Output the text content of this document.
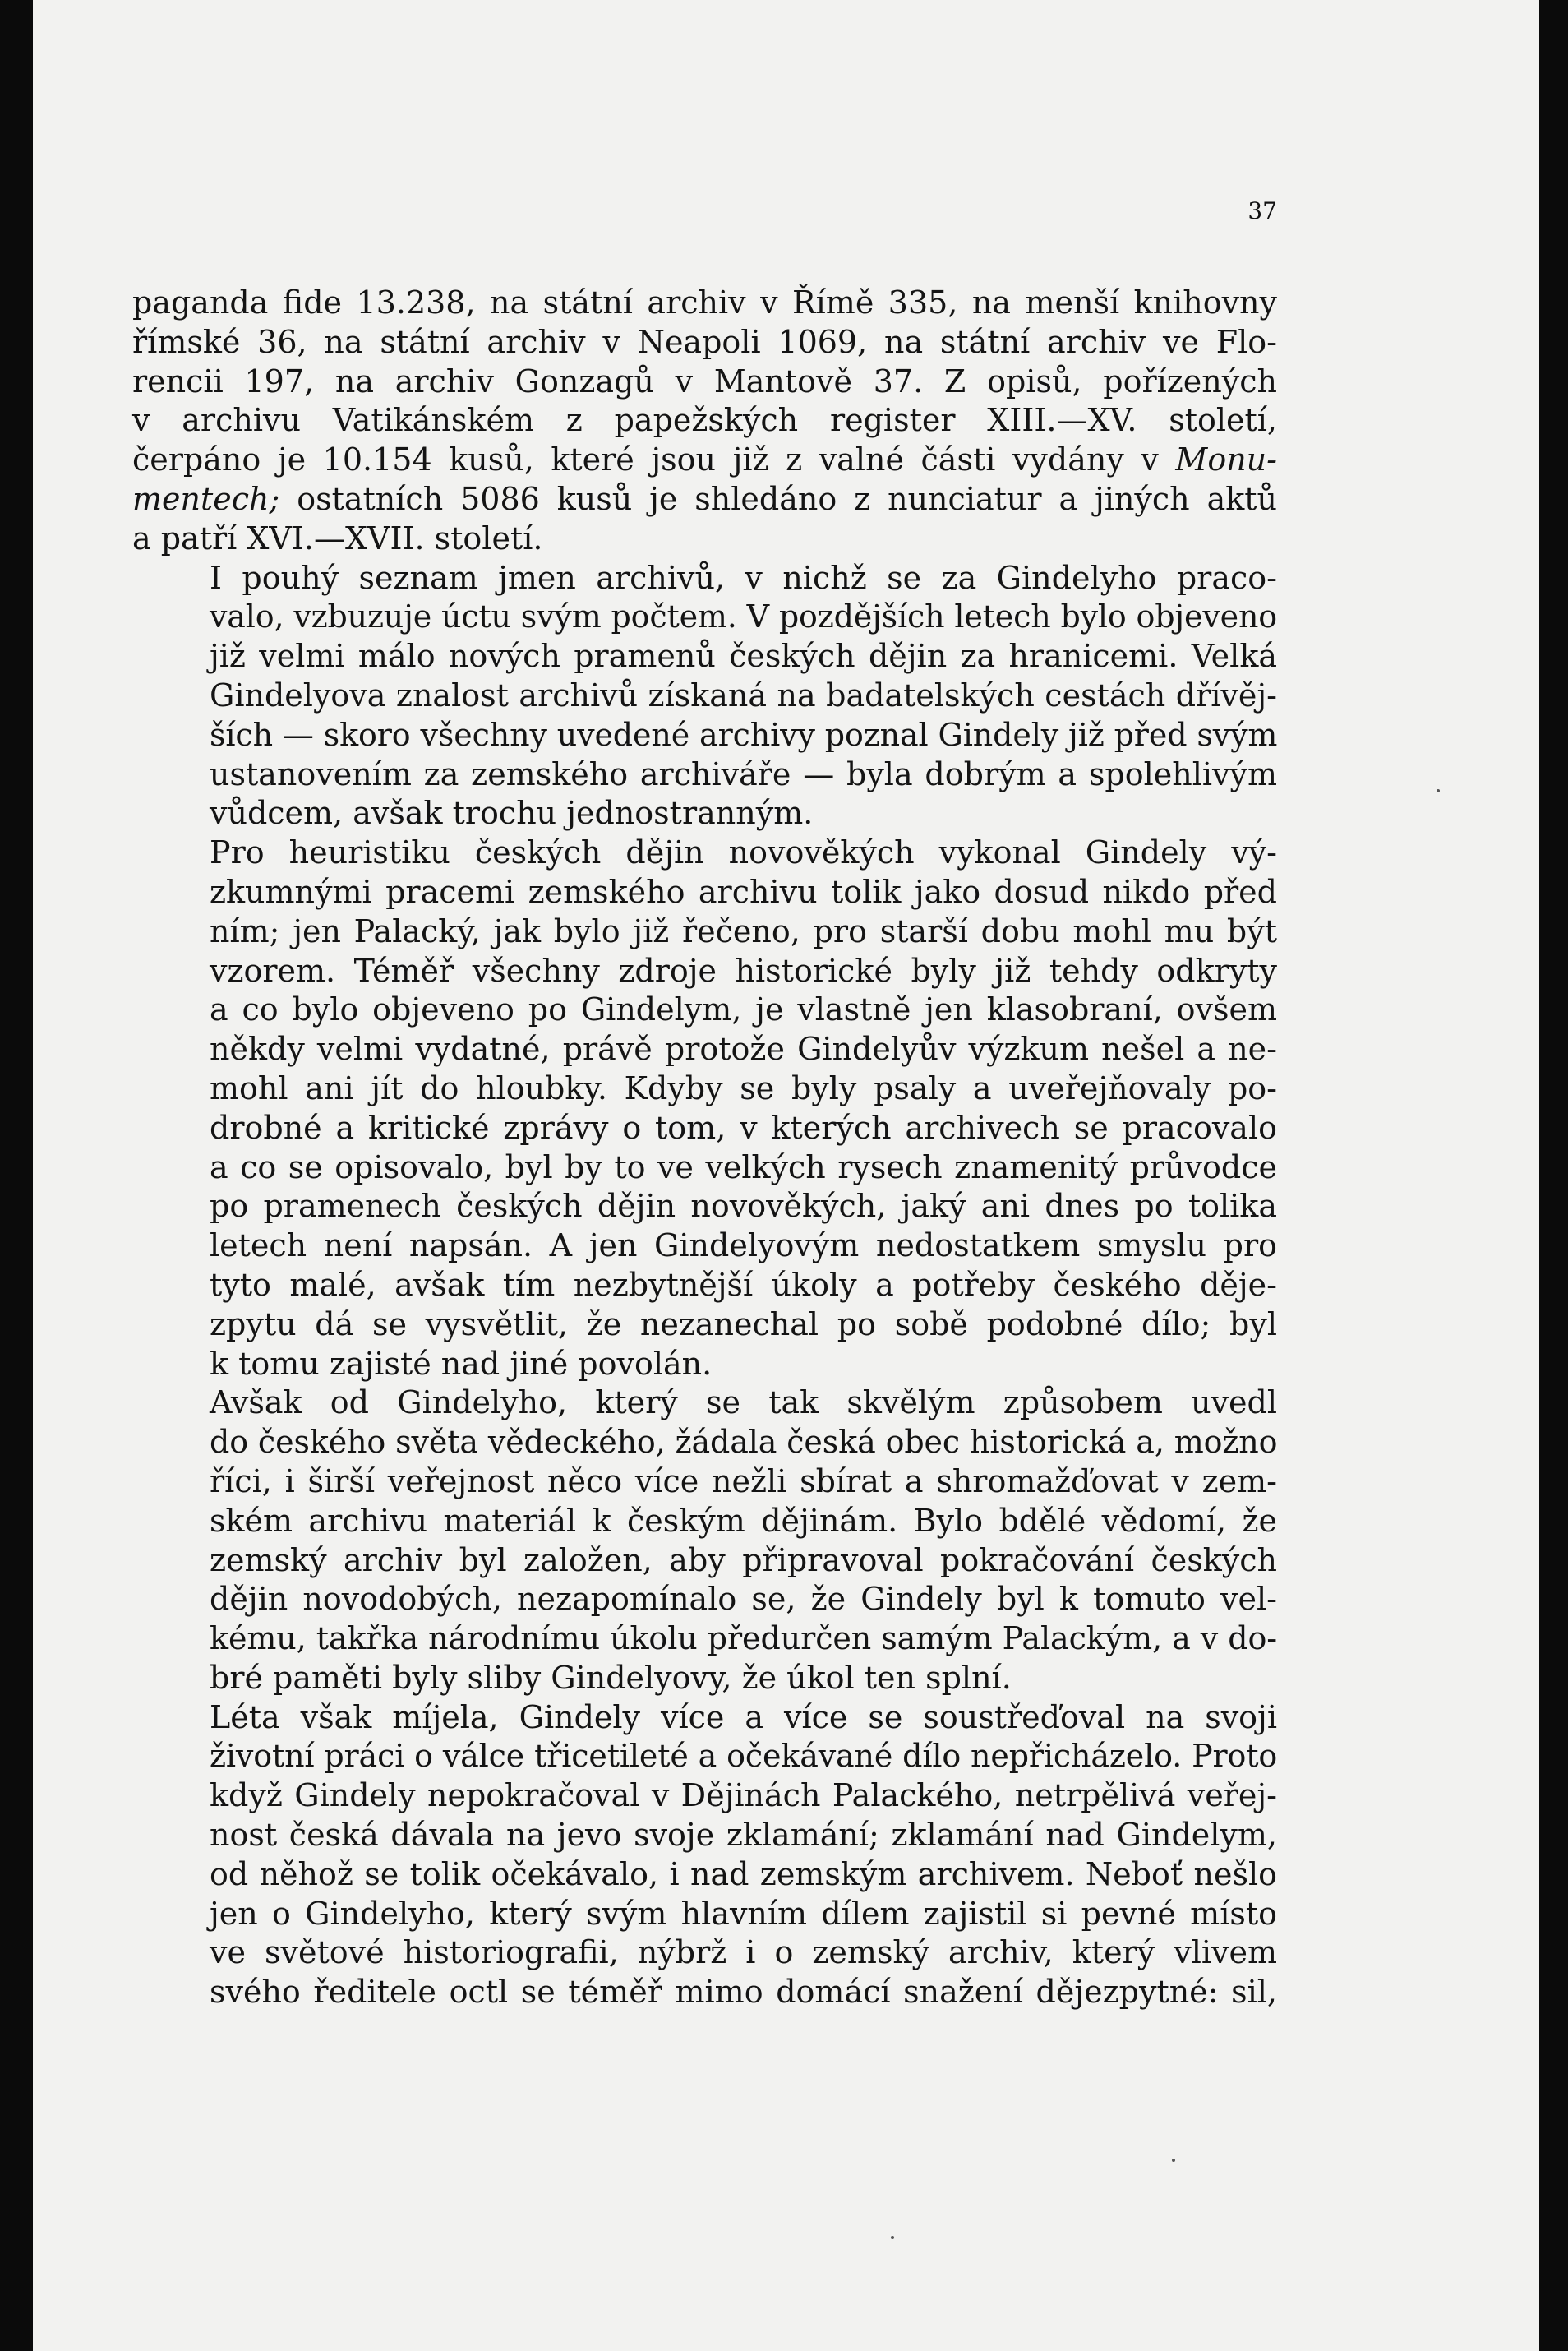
37

paganda fide 13.238, na státní archiv v Římě 335, na menší knihovny
římské 36, na státní archiv v Neapoli 1069, na státní archiv ve Flo-
rencii 197, na archiv Gonzagů v Mantově 37. Z opisů, pořízených
v archivu Vatikánském z papežských register XIII.—XV. století,
čerpáno je 10.154 kusů, které jsou již z valné části vydány v Monu-
mentech; ostatních 5086 kusů je shledáno z nunciatur a jiných aktů
a patří XVI.—XVII. století.

I pouhý seznam jmen archivů, v nichž se za Gindelyho praco-
valo, vzbuzuje úctu svým počtem. V pozdějších letech bylo objeveno
již velmi málo nových pramenů českých dějin za hranicemi. Velká
Gindelyova znalost archivů získaná na badatelských cestách dřívěj-
ších — skoro všechny uvedené archivy poznal Gindely již před svým
ustanovením za zemského archiváře — byla dobrým a spolehlivým
vůdcem, avšak trochu jednostranným.

Pro heuristiku českých dějin novověkých vykonal Gindely vý-
zkumnými pracemi zemského archivu tolik jako dosud nikdo před
ním; jen Palacký, jak bylo již řečeno, pro starší dobu mohl mu být
vzorem. Téměř všechny zdroje historické byly již tehdy odkryty
a co bylo objeveno po Gindelym, je vlastně jen klasobraní, ovšem
někdy velmi vydatné, právě protože Gindelyův výzkum nešel a ne-
mohl ani jít do hloubky. Kdyby se byly psaly a uveřejňovaly po-
drobné a kritické zprávy o tom, v kterých archivech se pracovalo
a co se opisovalo, byl by to ve velkých rysech znamenitý průvodce
po pramenech českých dějin novověkých, jaký ani dnes po tolika
letech není napsán. A jen Gindelyovým nedostatkem smyslu pro
tyto malé, avšak tím nezbytnější úkoly a potřeby českého děje-
zpytu dá se vysvětlit, že nezanechal po sobě podobné dílo; byl
k tomu zajisté nad jiné povolán.

Avšak od Gindelyho, který se tak skvělým způsobem uvedl
do českého světa vědeckého, žádala česká obec historická a, možno
říci, i širší veřejnost něco více nežli sbírat a shromažďovat v zem-
ském archivu materiál k českým dějinám. Bylo bdělé vědomí, že
zemský archiv byl založen, aby připravoval pokračování českých
dějin novodobých, nezapomínalo se, že Gindely byl k tomuto vel-
kému, takřka národnímu úkolu předurčen samým Palackým, a v do-
bré paměti byly sliby Gindelyovy, že úkol ten splní.

Léta však míjela, Gindely více a více se soustřeďoval na svoji
životní práci o válce třicetileté a očekávané dílo nepřicházelo. Proto
když Gindely nepokračoval v Dějinách Palackého, netrpělivá veřej-
nost česká dávala na jevo svoje zklamání; zklamání nad Gindelym,
od něhož se tolik očekávalo, i nad zemským archivem. Neboť nešlo
jen o Gindelyho, který svým hlavním dílem zajistil si pevné místo
ve světové historiografii, nýbrž i o zemský archiv, který vlivem
svého ředitele octl se téměř mimo domácí snažení dějezpytné: sil,
